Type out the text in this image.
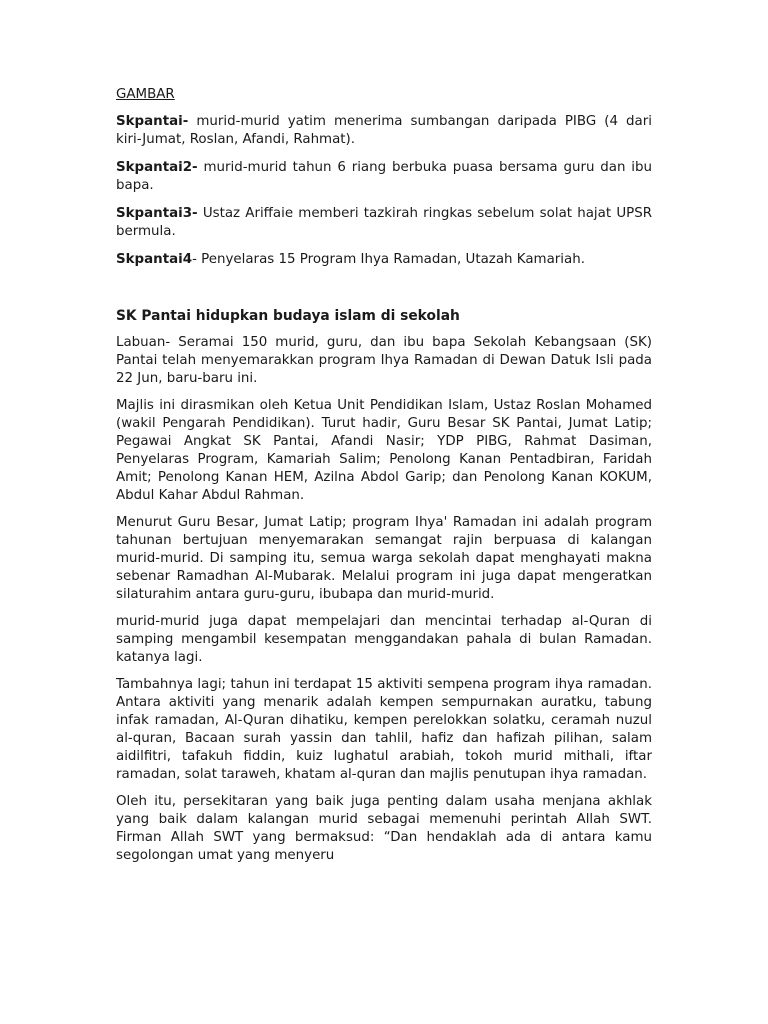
GAMBAR
Skpantai- murid-murid yatim menerima sumbangan daripada PIBG (4 dari kiri-Jumat, Roslan, Afandi, Rahmat).
Skpantai2- murid-murid tahun 6 riang berbuka puasa bersama guru dan ibu bapa.
Skpantai3- Ustaz Ariffaie memberi tazkirah ringkas sebelum solat hajat UPSR bermula.
Skpantai4- Penyelaras 15 Program Ihya Ramadan, Utazah Kamariah.
SK Pantai hidupkan budaya islam di sekolah

Labuan- Seramai 150 murid, guru, dan ibu bapa Sekolah Kebangsaan (SK) Pantai telah menyemarakkan program Ihya Ramadan di Dewan Datuk Isli pada 22 Jun, baru-baru ini.

Majlis ini dirasmikan oleh Ketua Unit Pendidikan Islam, Ustaz Roslan Mohamed (wakil Pengarah Pendidikan). Turut hadir, Guru Besar SK Pantai, Jumat Latip; Pegawai Angkat SK Pantai, Afandi Nasir; YDP PIBG, Rahmat Dasiman, Penyelaras Program, Kamariah Salim; Penolong Kanan Pentadbiran, Faridah Amit; Penolong Kanan HEM, Azilna Abdol Garip; dan Penolong Kanan KOKUM, Abdul Kahar Abdul Rahman.

Menurut Guru Besar, Jumat Latip; program Ihya' Ramadan ini adalah program tahunan bertujuan menyemarakan semangat rajin berpuasa di kalangan murid-murid. Di samping itu, semua warga sekolah dapat menghayati makna sebenar Ramadhan Al-Mubarak. Melalui program ini juga dapat mengeratkan silaturahim antara guru-guru, ibubapa dan murid-murid.

murid-murid juga dapat mempelajari dan mencintai terhadap al-Quran di samping mengambil kesempatan menggandakan pahala di bulan Ramadan. katanya lagi.

Tambahnya lagi; tahun ini terdapat 15 aktiviti sempena program ihya ramadan. Antara aktiviti yang menarik adalah kempen sempurnakan auratku, tabung infak ramadan, Al-Quran dihatiku, kempen perelokkan solatku, ceramah nuzul al-quran, Bacaan surah yassin dan tahlil, hafiz dan hafizah pilihan, salam aidilfitri, tafakuh fiddin, kuiz lughatul arabiah, tokoh murid mithali, iftar ramadan, solat taraweh, khatam al-quran dan majlis penutupan ihya ramadan.

Oleh itu, persekitaran yang baik juga penting dalam usaha menjana akhlak yang baik dalam kalangan murid sebagai memenuhi perintah Allah SWT. Firman Allah SWT yang bermaksud: “Dan hendaklah ada di antara kamu segolongan umat yang menyeru
